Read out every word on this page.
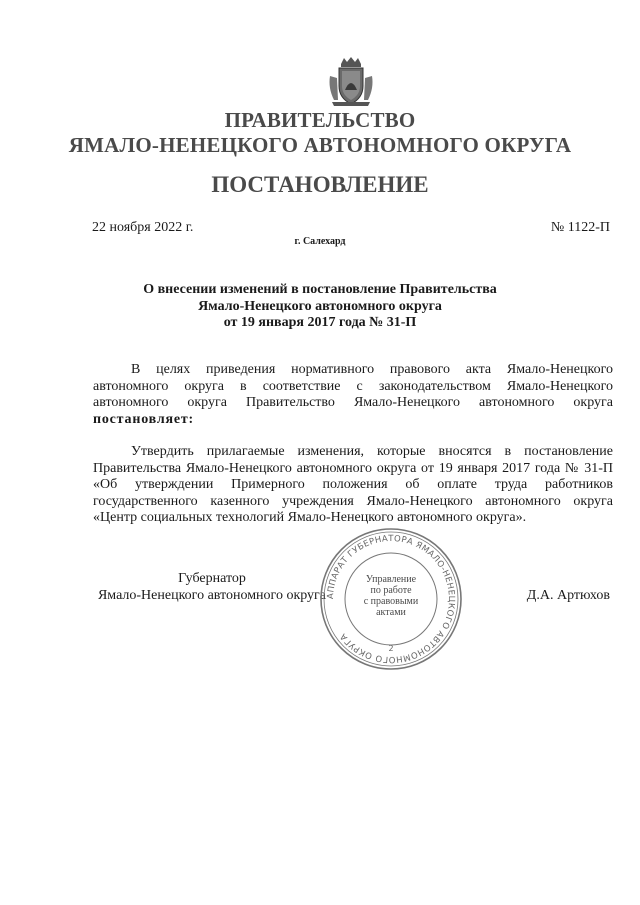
ПРАВИТЕЛЬСТВО
ЯМАЛО-НЕНЕЦКОГО АВТОНОМНОГО ОКРУГА
ПОСТАНОВЛЕНИЕ
22 ноября 2022 г.	№ 1122-П
г. Салехард
О внесении изменений в постановление Правительства
Ямало-Ненецкого автономного округа
от 19 января 2017 года № 31-П

В целях приведения нормативного правового акта Ямало-Ненецкого автономного округа в соответствие с законодательством Ямало-Ненецкого автономного округа Правительство Ямало-Ненецкого автономного округа постановляет:

Утвердить прилагаемые изменения, которые вносятся в постановление Правительства Ямало-Ненецкого автономного округа от 19 января 2017 года № 31-П «Об утверждении Примерного положения об оплате труда работников государственного казенного учреждения Ямало-Ненецкого автономного округа «Центр социальных технологий Ямало-Ненецкого автономного округа».

Губернатор
Ямало-Ненецкого автономного округа	Д.А. Артюхов
АППАРАТ ГУБЕРНАТОРА ЯМАЛО-НЕНЕЦКОГО АВТОНОМНОГО ОКРУГА
2
Управление
по работе
с правовыми
актами
